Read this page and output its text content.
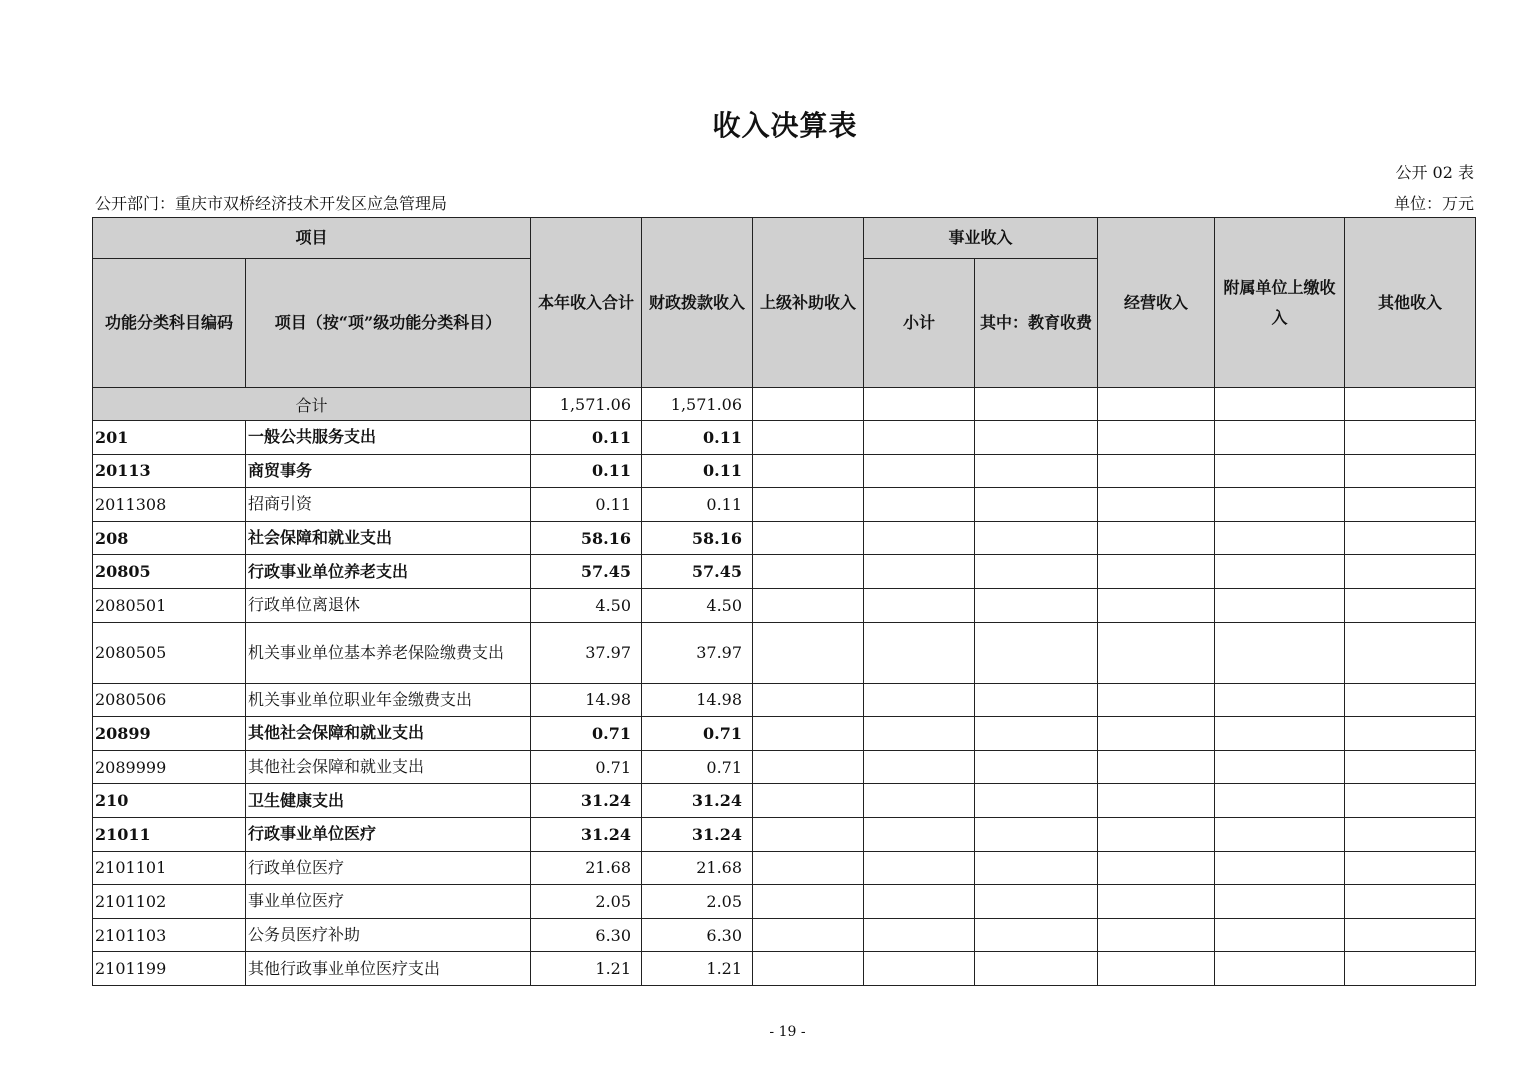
收入决算表
公开 02 表
公开部门：重庆市双桥经济技术开发区应急管理局	单位：万元
项目		本年收入合计	财政拨款收入	上级补助收入	事业收入		经营收入	附属单位上缴收入	其他收入
功能分类科目编码	项目（按“项”级功能分类科目）				小计	其中：教育收费			
合计		1,571.06	1,571.06						
201	一般公共服务支出	0.11	0.11						
20113	商贸事务	0.11	0.11						
2011308	招商引资	0.11	0.11						
208	社会保障和就业支出	58.16	58.16						
20805	行政事业单位养老支出	57.45	57.45						
2080501	行政单位离退休	4.50	4.50						
2080505	机关事业单位基本养老保险缴费支出	37.97	37.97						
2080506	机关事业单位职业年金缴费支出	14.98	14.98						
20899	其他社会保障和就业支出	0.71	0.71						
2089999	其他社会保障和就业支出	0.71	0.71						
210	卫生健康支出	31.24	31.24						
21011	行政事业单位医疗	31.24	31.24						
2101101	行政单位医疗	21.68	21.68						
2101102	事业单位医疗	2.05	2.05						
2101103	公务员医疗补助	6.30	6.30						
2101199	其他行政事业单位医疗支出	1.21	1.21						
- 19 -
